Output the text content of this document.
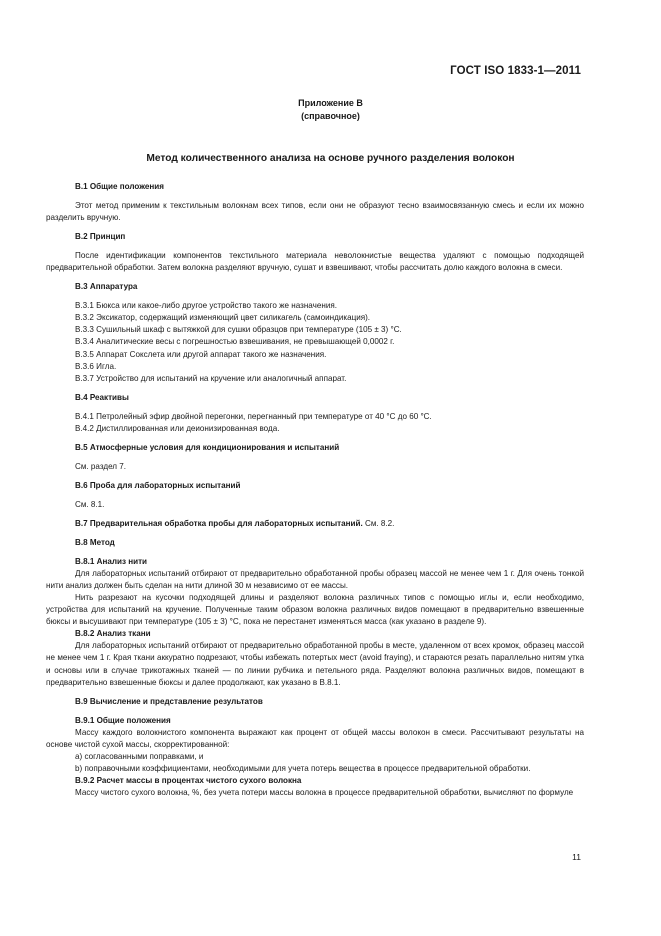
ГОСТ ISO 1833-1—2011
Приложение В
(справочное)
Метод количественного анализа на основе ручного разделения волокон
В.1 Общие положения
Этот метод применим к текстильным волокнам всех типов, если они не образуют тесно взаимосвязанную смесь и если их можно разделить вручную.
В.2 Принцип
После идентификации компонентов текстильного материала неволокнистые вещества удаляют с помощью подходящей предварительной обработки. Затем волокна разделяют вручную, сушат и взвешивают, чтобы рассчитать долю каждого волокна в смеси.
В.3 Аппаратура
В.3.1 Бюкса или какое-либо другое устройство такого же назначения.
В.3.2 Эксикатор, содержащий изменяющий цвет силикагель (самоиндикация).
В.3.3 Сушильный шкаф с вытяжкой для сушки образцов при температуре (105 ± 3) °С.
В.3.4 Аналитические весы с погрешностью взвешивания, не превышающей 0,0002 г.
В.3.5 Аппарат Сокслета или другой аппарат такого же назначения.
В.3.6 Игла.
В.3.7 Устройство для испытаний на кручение или аналогичный аппарат.
В.4 Реактивы
В.4.1 Петролейный эфир двойной перегонки, перегнанный при температуре от 40 °С до 60 °С.
В.4.2 Дистиллированная или деионизированная вода.
В.5 Атмосферные условия для кондиционирования и испытаний
См. раздел 7.
В.6 Проба для лабораторных испытаний
См. 8.1.
В.7 Предварительная обработка пробы для лабораторных испытаний. См. 8.2.
В.8 Метод
В.8.1 Анализ нити
Для лабораторных испытаний отбирают от предварительно обработанной пробы образец массой не менее чем 1 г. Для очень тонкой нити анализ должен быть сделан на нити длиной 30 м независимо от ее массы.
Нить разрезают на кусочки подходящей длины и разделяют волокна различных типов с помощью иглы и, если необходимо, устройства для испытаний на кручение. Полученные таким образом волокна различных видов помещают в предварительно взвешенные бюксы и высушивают при температуре (105 ± 3) °С, пока не перестанет изменяться масса (как указано в разделе 9).
В.8.2 Анализ ткани
Для лабораторных испытаний отбирают от предварительно обработанной пробы в месте, удаленном от всех кромок, образец массой не менее чем 1 г. Края ткани аккуратно подрезают, чтобы избежать потертых мест (avoid fraying), и стараются резать параллельно нитям утка и основы или в случае трикотажных тканей — по линии рубчика и петельного ряда. Разделяют волокна различных видов, помещают в предварительно взвешенные бюксы и далее продолжают, как указано в В.8.1.
В.9 Вычисление и представление результатов
В.9.1 Общие положения
Массу каждого волокнистого компонента выражают как процент от общей массы волокон в смеси. Рассчитывают результаты на основе чистой сухой массы, скорректированной:
а) согласованными поправками, и
b) поправочными коэффициентами, необходимыми для учета потерь вещества в процессе предварительной обработки.
В.9.2 Расчет массы в процентах чистого сухого волокна
Массу чистого сухого волокна, %, без учета потери массы волокна в процессе предварительной обработки, вычисляют по формуле
11
